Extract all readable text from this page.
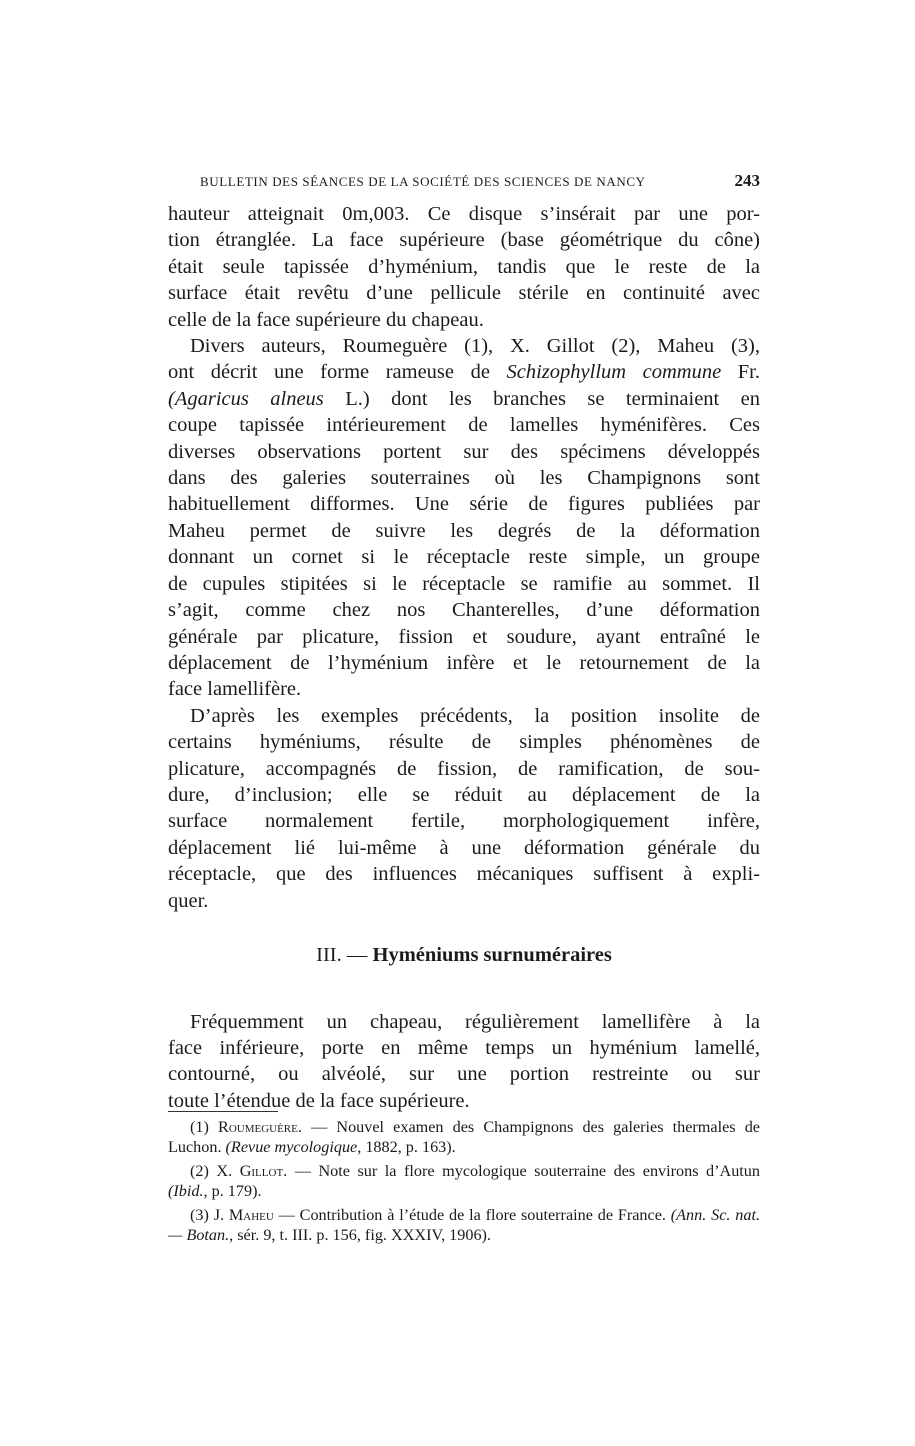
BULLETIN DES SÉANCES DE LA SOCIÉTÉ DES SCIENCES DE NANCY	243

hauteur atteignait 0m,003. Ce disque s’insérait par une por-
tion étranglée. La face supérieure (base géométrique du cône)
était seule tapissée d’hyménium, tandis que le reste de la
surface était revêtu d’une pellicule stérile en continuité avec
celle de la face supérieure du chapeau.

Divers auteurs, Roumeguère (1), X. Gillot (2), Maheu (3),
ont décrit une forme rameuse de Schizophyllum commune Fr.
(Agaricus alneus L.) dont les branches se terminaient en
coupe tapissée intérieurement de lamelles hyménifères. Ces
diverses observations portent sur des spécimens développés
dans des galeries souterraines où les Champignons sont
habituellement difformes. Une série de figures publiées par
Maheu permet de suivre les degrés de la déformation
donnant un cornet si le réceptacle reste simple, un groupe
de cupules stipitées si le réceptacle se ramifie au sommet. Il
s’agit, comme chez nos Chanterelles, d’une déformation
générale par plicature, fission et soudure, ayant entraîné le
déplacement de l’hyménium infère et le retournement de la
face lamellifère.

D’après les exemples précédents, la position insolite de
certains hyméniums, résulte de simples phénomènes de
plicature, accompagnés de fission, de ramification, de sou-
dure, d’inclusion; elle se réduit au déplacement de la
surface normalement fertile, morphologiquement infère,
déplacement lié lui-même à une déformation générale du
réceptacle, que des influences mécaniques suffisent à expli-
quer.

III. — Hyméniums surnuméraires

Fréquemment un chapeau, régulièrement lamellifère à la
face inférieure, porte en même temps un hyménium lamellé,
contourné, ou alvéolé, sur une portion restreinte ou sur
toute l’étendue de la face supérieure.

(1) Roumeguère. — Nouvel examen des Champignons des galeries thermales de Luchon. (Revue mycologique, 1882, p. 163).

(2) X. Gillot. — Note sur la flore mycologique souterraine des environs d’Autun (Ibid., p. 179).

(3) J. Maheu — Contribution à l’étude de la flore souterraine de France. (Ann. Sc. nat. — Botan., sér. 9, t. III. p. 156, fig. XXXIV, 1906).
